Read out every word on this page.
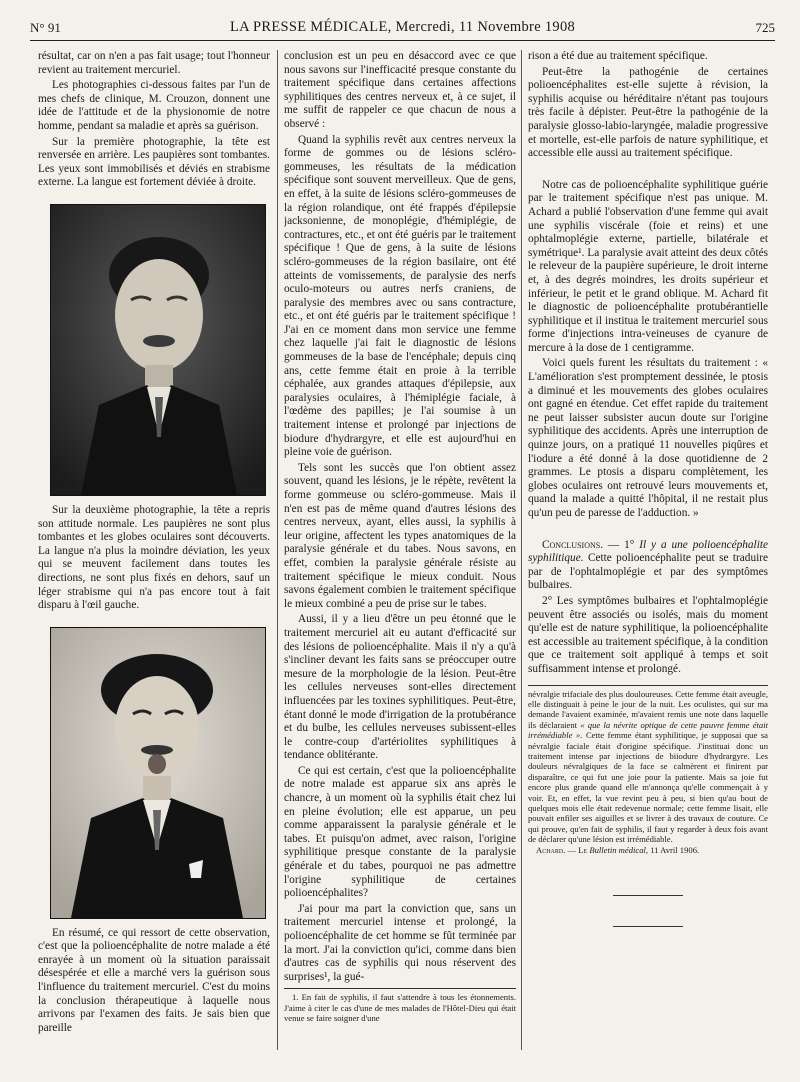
N° 91	LA PRESSE MÉDICALE, Mercredi, 11 Novembre 1908	725

résultat, car on n'en a pas fait usage; tout l'honneur revient au traitement mercuriel.

Les photographies ci-dessous faites par l'un de mes chefs de clinique, M. Crouzon, donnent une idée de l'attitude et de la physionomie de notre homme, pendant sa maladie et après sa guérison.

Sur la première photographie, la tête est renversée en arrière. Les paupières sont tombantes. Les yeux sont immobilisés et déviés en strabisme externe. La langue est fortement déviée à droite.

Sur la deuxième photographie, la tête a repris son attitude normale. Les paupières ne sont plus tombantes et les globes oculaires sont découverts. La langue n'a plus la moindre déviation, les yeux qui se meuvent facilement dans toutes les directions, ne sont plus fixés en dehors, sauf un léger strabisme qui n'a pas encore tout à fait disparu à l'œil gauche.

En résumé, ce qui ressort de cette observation, c'est que la polioencéphalite de notre malade a été enrayée à un moment où la situation paraissait désespérée et elle a marché vers la guérison sous l'influence du traitement mercuriel. C'est du moins la conclusion thérapeutique à laquelle nous arrivons par l'examen des faits. Je sais bien que pareille

conclusion est un peu en désaccord avec ce que nous savons sur l'inefficacité presque constante du traitement spécifique dans certaines affections syphilitiques des centres nerveux et, à ce sujet, il me suffit de rappeler ce que chacun de nous a observé :

Quand la syphilis revêt aux centres nerveux la forme de gommes ou de lésions scléro-gommeuses, les résultats de la médication spécifique sont souvent merveilleux. Que de gens, en effet, à la suite de lésions scléro-gommeuses de la région rolandique, ont été frappés d'épilepsie jacksonienne, de monoplégie, d'hémiplégie, de contractures, etc., et ont été guéris par le traitement spécifique ! Que de gens, à la suite de lésions scléro-gommeuses de la région basilaire, ont été atteints de vomissements, de paralysie des nerfs oculo-moteurs ou autres nerfs craniens, de paralysie des membres avec ou sans contracture, etc., et ont été guéris par le traitement spécifique ! J'ai en ce moment dans mon service une femme chez laquelle j'ai fait le diagnostic de lésions gommeuses de la base de l'encéphale; depuis cinq ans, cette femme était en proie à la terrible céphalée, aux grandes attaques d'épilepsie, aux paralysies oculaires, à l'hémiplégie faciale, à l'œdème des papilles; je l'ai soumise à un traitement intense et prolongé par injections de biodure d'hydrargyre, et elle est aujourd'hui en pleine voie de guérison.

Tels sont les succès que l'on obtient assez souvent, quand les lésions, je le répète, revêtent la forme gommeuse ou scléro-gommeuse. Mais il n'en est pas de même quand d'autres lésions des centres nerveux, ayant, elles aussi, la syphilis à leur origine, affectent les types anatomiques de la paralysie générale et du tabes. Nous savons, en effet, combien la paralysie générale résiste au traitement spécifique le mieux conduit. Nous savons également combien le traitement spécifique le mieux combiné a peu de prise sur le tabes.

Aussi, il y a lieu d'être un peu étonné que le traitement mercuriel ait eu autant d'efficacité sur des lésions de polioencéphalite. Mais il n'y a qu'à s'incliner devant les faits sans se préoccuper outre mesure de la morphologie de la lésion. Peut-être les cellules nerveuses sont-elles directement influencées par les toxines syphilitiques. Peut-être, étant donné le mode d'irrigation de la protubérance et du bulbe, les cellules nerveuses subissent-elles le contre-coup d'artériolites syphilitiques à tendance oblitérante.

Ce qui est certain, c'est que la polioencéphalite de notre malade est apparue six ans après le chancre, à un moment où la syphilis était chez lui en pleine évolution; elle est apparue, un peu comme apparaissent la paralysie générale et le tabes. Et puisqu'on admet, avec raison, l'origine syphilitique presque constante de la paralysie générale et du tabes, pourquoi ne pas admettre l'origine syphilitique de certaines polioencéphalites?

J'ai pour ma part la conviction que, sans un traitement mercuriel intense et prolongé, la polioencéphalite de cet homme se fût terminée par la mort. J'ai la conviction qu'ici, comme dans bien d'autres cas de syphilis qui nous réservent des surprises¹, la gué-

1. En fait de syphilis, il faut s'attendre à tous les étonnements. J'aime à citer le cas d'une de mes malades de l'Hôtel-Dieu qui était venue se faire soigner d'une

rison a été due au traitement spécifique.

Peut-être la pathogénie de certaines polioencéphalites est-elle sujette à révision, la syphilis acquise ou héréditaire n'étant pas toujours très facile à dépister. Peut-être la pathogénie de la paralysie glosso-labio-laryngée, maladie progressive et mortelle, est-elle parfois de nature syphilitique, et accessible elle aussi au traitement spécifique.

Notre cas de polioencéphalite syphilitique guérie par le traitement spécifique n'est pas unique. M. Achard a publié l'observation d'une femme qui avait une syphilis viscérale (foie et reins) et une ophtalmoplégie externe, partielle, bilatérale et symétrique¹. La paralysie avait atteint des deux côtés le releveur de la paupière supérieure, le droit interne et, à des degrés moindres, les droits supérieur et inférieur, le petit et le grand oblique. M. Achard fit le diagnostic de polioencéphalite protubérantielle syphilitique et il institua le traitement mercuriel sous forme d'injections intra-veineuses de cyanure de mercure à la dose de 1 centigramme.

Voici quels furent les résultats du traitement : « L'amélioration s'est promptement dessinée, le ptosis a diminué et les mouvements des globes oculaires ont gagné en étendue. Cet effet rapide du traitement ne peut laisser subsister aucun doute sur l'origine syphilitique des accidents. Après une interruption de quinze jours, on a pratiqué 11 nouvelles piqûres et l'iodure a été donné à la dose quotidienne de 2 grammes. Le ptosis a disparu complètement, les globes oculaires ont retrouvé leurs mouvements et, quand la malade a quitté l'hôpital, il ne restait plus qu'un peu de paresse de l'adduction. »

Conclusions. — 1° Il y a une polioencéphalite syphilitique. Cette polioencéphalite peut se traduire par de l'ophtalmoplégie et par des symptômes bulbaires.

2° Les symptômes bulbaires et l'ophtalmoplégie peuvent être associés ou isolés, mais du moment qu'elle est de nature syphilitique, la polioencéphalite est accessible au traitement spécifique, à la condition que ce traitement soit appliqué à temps et soit suffisamment intense et prolongé.

névralgie trifaciale des plus douloureuses. Cette femme était aveugle, elle distinguait à peine le jour de la nuit. Les oculistes, qui sur ma demande l'avaient examinée, m'avaient remis une note dans laquelle ils déclaraient « que la névrite optique de cette pauvre femme était irrémédiable ». Cette femme étant syphilitique, je supposai que sa névralgie faciale était d'origine spécifique. J'instituai donc un traitement intense par injections de biiodure d'hydrargyre. Les douleurs névralgiques de la face se calmèrent et finirent par disparaître, ce qui fut une joie pour la patiente. Mais sa joie fut encore plus grande quand elle m'annonça qu'elle commençait à y voir. Et, en effet, la vue revint peu à peu, si bien qu'au bout de quelques mois elle était redevenue normale; cette femme lisait, elle pouvait enfiler ses aiguilles et se livrer à des travaux de couture. Ce qui prouve, qu'en fait de syphilis, il faut y regarder à deux fois avant de déclarer qu'une lésion est irrémédiable.

Achard. — Le Bulletin médical, 11 Avril 1906.
